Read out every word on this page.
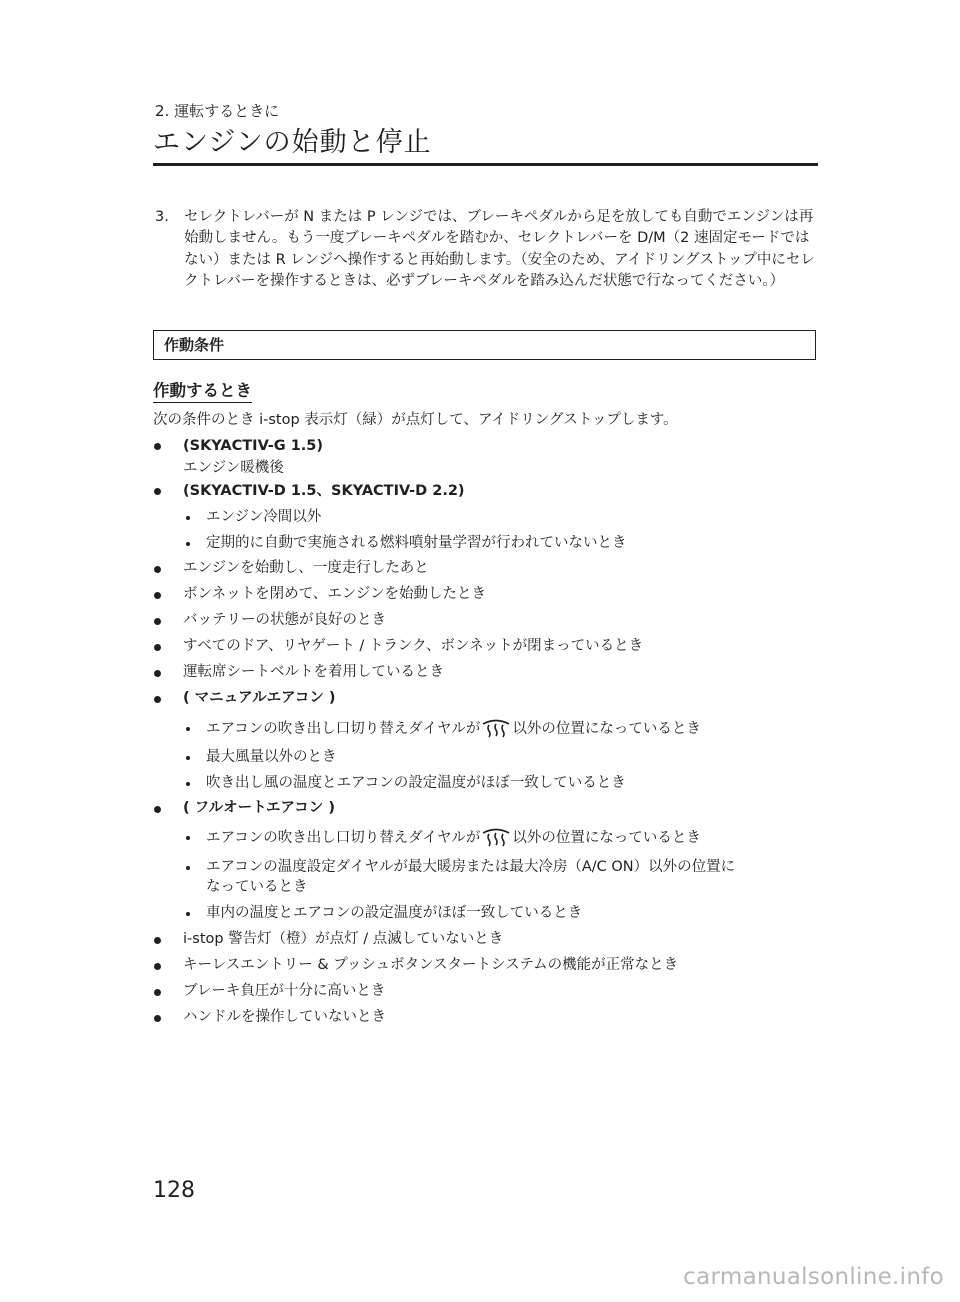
2. 運転するときに
エンジンの始動と停止
3. セレクトレバーが N または P レンジでは、ブレーキペダルから足を放しても自動でエンジンは再始動しません。もう一度ブレーキペダルを踏むか、セレクトレバーを D/M（2 速固定モードではない）または R レンジへ操作すると再始動します。（安全のため、アイドリングストップ中にセレクトレバーを操作するときは、必ずブレーキペダルを踏み込んだ状態で行なってください。）
作動条件
作動するとき
次の条件のとき i-stop 表示灯（緑）が点灯して、アイドリングストップします。
(SKYACTIV-G 1.5)
エンジン暖機後
(SKYACTIV-D 1.5、SKYACTIV-D 2.2)
エンジン冷間以外
定期的に自動で実施される燃料噴射量学習が行われていないとき
エンジンを始動し、一度走行したあと
ボンネットを閉めて、エンジンを始動したとき
バッテリーの状態が良好のとき
すべてのドア、リヤゲート / トランク、ボンネットが閉まっているとき
運転席シートベルトを着用しているとき
( マニュアルエアコン )
エアコンの吹き出し口切り替えダイヤルが 以外の位置になっているとき
最大風量以外のとき
吹き出し風の温度とエアコンの設定温度がほぼ一致しているとき
( フルオートエアコン )
エアコンの吹き出し口切り替えダイヤルが 以外の位置になっているとき
エアコンの温度設定ダイヤルが最大暖房または最大冷房（A/C ON）以外の位置に
なっているとき
車内の温度とエアコンの設定温度がほぼ一致しているとき
i-stop 警告灯（橙）が点灯 / 点滅していないとき
キーレスエントリー & プッシュボタンスタートシステムの機能が正常なとき
ブレーキ負圧が十分に高いとき
ハンドルを操作していないとき
128
carmanualsonline.info
